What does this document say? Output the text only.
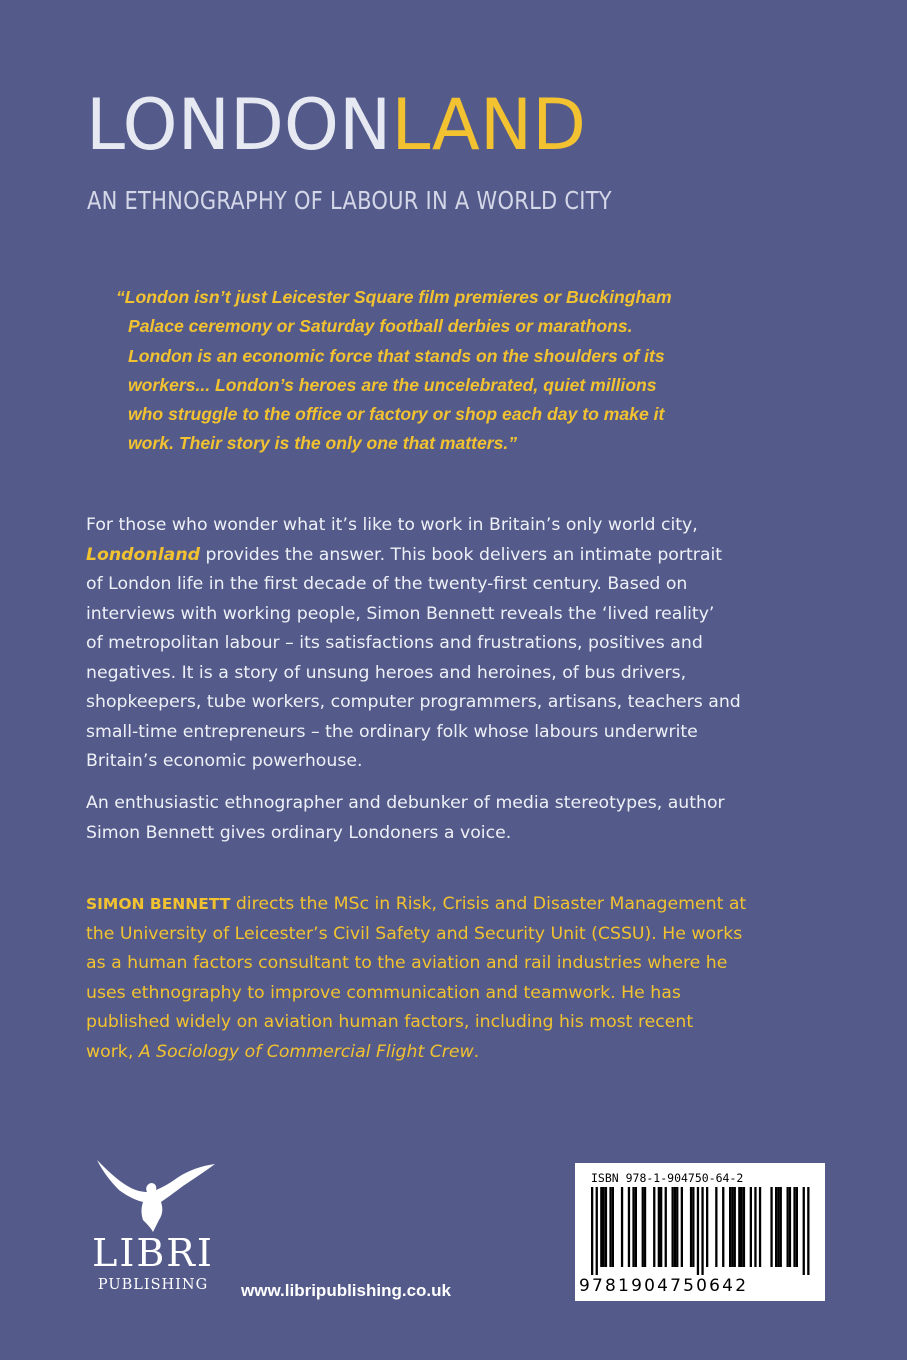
LONDONLAND
AN ETHNOGRAPHY OF LABOUR IN A WORLD CITY
“London isn’t just Leicester Square film premieres or Buckingham
Palace ceremony or Saturday football derbies or marathons.
London is an economic force that stands on the shoulders of its
workers... London’s heroes are the uncelebrated, quiet millions
who struggle to the office or factory or shop each day to make it
work. Their story is the only one that matters.”
For those who wonder what it’s like to work in Britain’s only world city,
Londonland provides the answer. This book delivers an intimate portrait
of London life in the first decade of the twenty-first century. Based on
interviews with working people, Simon Bennett reveals the ‘lived reality’
of metropolitan labour – its satisfactions and frustrations, positives and
negatives. It is a story of unsung heroes and heroines, of bus drivers,
shopkeepers, tube workers, computer programmers, artisans, teachers and
small-time entrepreneurs – the ordinary folk whose labours underwrite
Britain’s economic powerhouse.
An enthusiastic ethnographer and debunker of media stereotypes, author
Simon Bennett gives ordinary Londoners a voice.
SIMON BENNETT directs the MSc in Risk, Crisis and Disaster Management at
the University of Leicester’s Civil Safety and Security Unit (CSSU). He works
as a human factors consultant to the aviation and rail industries where he
uses ethnography to improve communication and teamwork. He has
published widely on aviation human factors, including his most recent
work, A Sociology of Commercial Flight Crew.
LIBRI
PUBLISHING	www.libripublishing.co.uk
ISBN 978-1-904750-64-2
9781904750642
